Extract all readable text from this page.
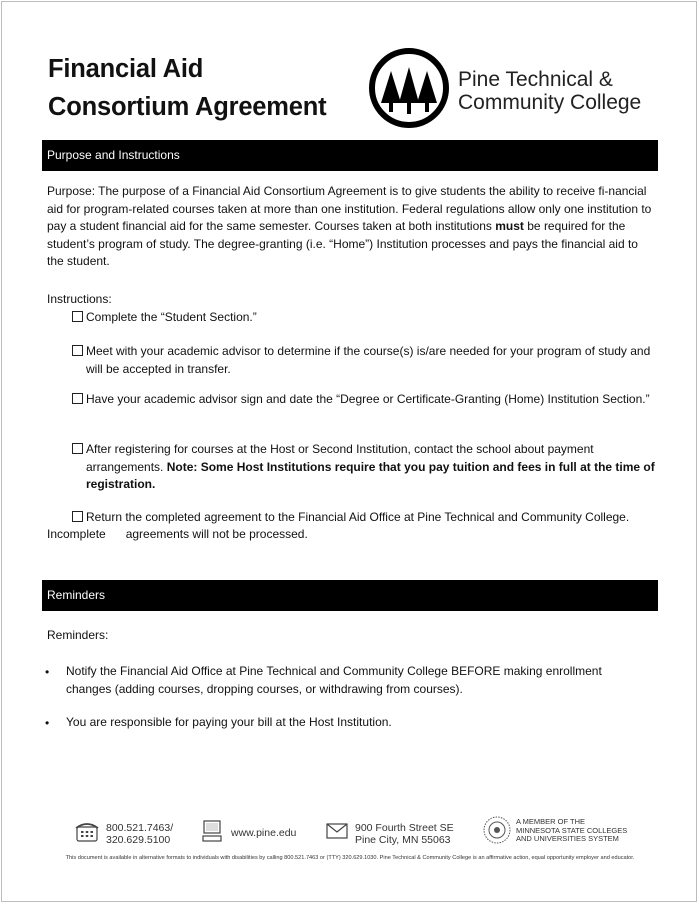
Financial Aid
Consortium Agreement
Pine Technical &
Community College
Purpose and Instructions
Purpose: The purpose of a Financial Aid Consortium Agreement is to give students the ability to receive fi-nancial aid for program-related courses taken at more than one institution. Federal regulations allow only one institution to pay a student financial aid for the same semester. Courses taken at both institutions must be required for the student’s program of study. The degree-granting (i.e. “Home”) Institution processes and pays the financial aid to the student.
Instructions:
Complete the “Student Section.”
Meet with your academic advisor to determine if the course(s) is/are needed for your program of study and will be accepted in transfer.
Have your academic advisor sign and date the “Degree or Certificate-Granting (Home) Institution Section.”
After registering for courses at the Host or Second Institution, contact the school about payment arrangements. Note: Some Host Institutions require that you pay tuition and fees in full at the time of registration.
Return the completed agreement to the Financial Aid Office at Pine Technical and Community College.
Incomplete      agreements will not be processed.
Reminders
Reminders:
• Notify the Financial Aid Office at Pine Technical and Community College BEFORE making enrollment changes (adding courses, dropping courses, or withdrawing from courses).
• You are responsible for paying your bill at the Host Institution.
800.521.7463/
320.629.5100
www.pine.edu	900 Fourth Street SE
Pine City, MN 55063
A MEMBER OF THE
MINNESOTA STATE COLLEGES
AND UNIVERSITIES SYSTEM
This document is available in alternative formats to individuals with disabilities by calling 800.521.7463 or (TTY) 320.629.1030. Pine Technical & Community College is an affirmative action, equal opportunity employer and educator.
